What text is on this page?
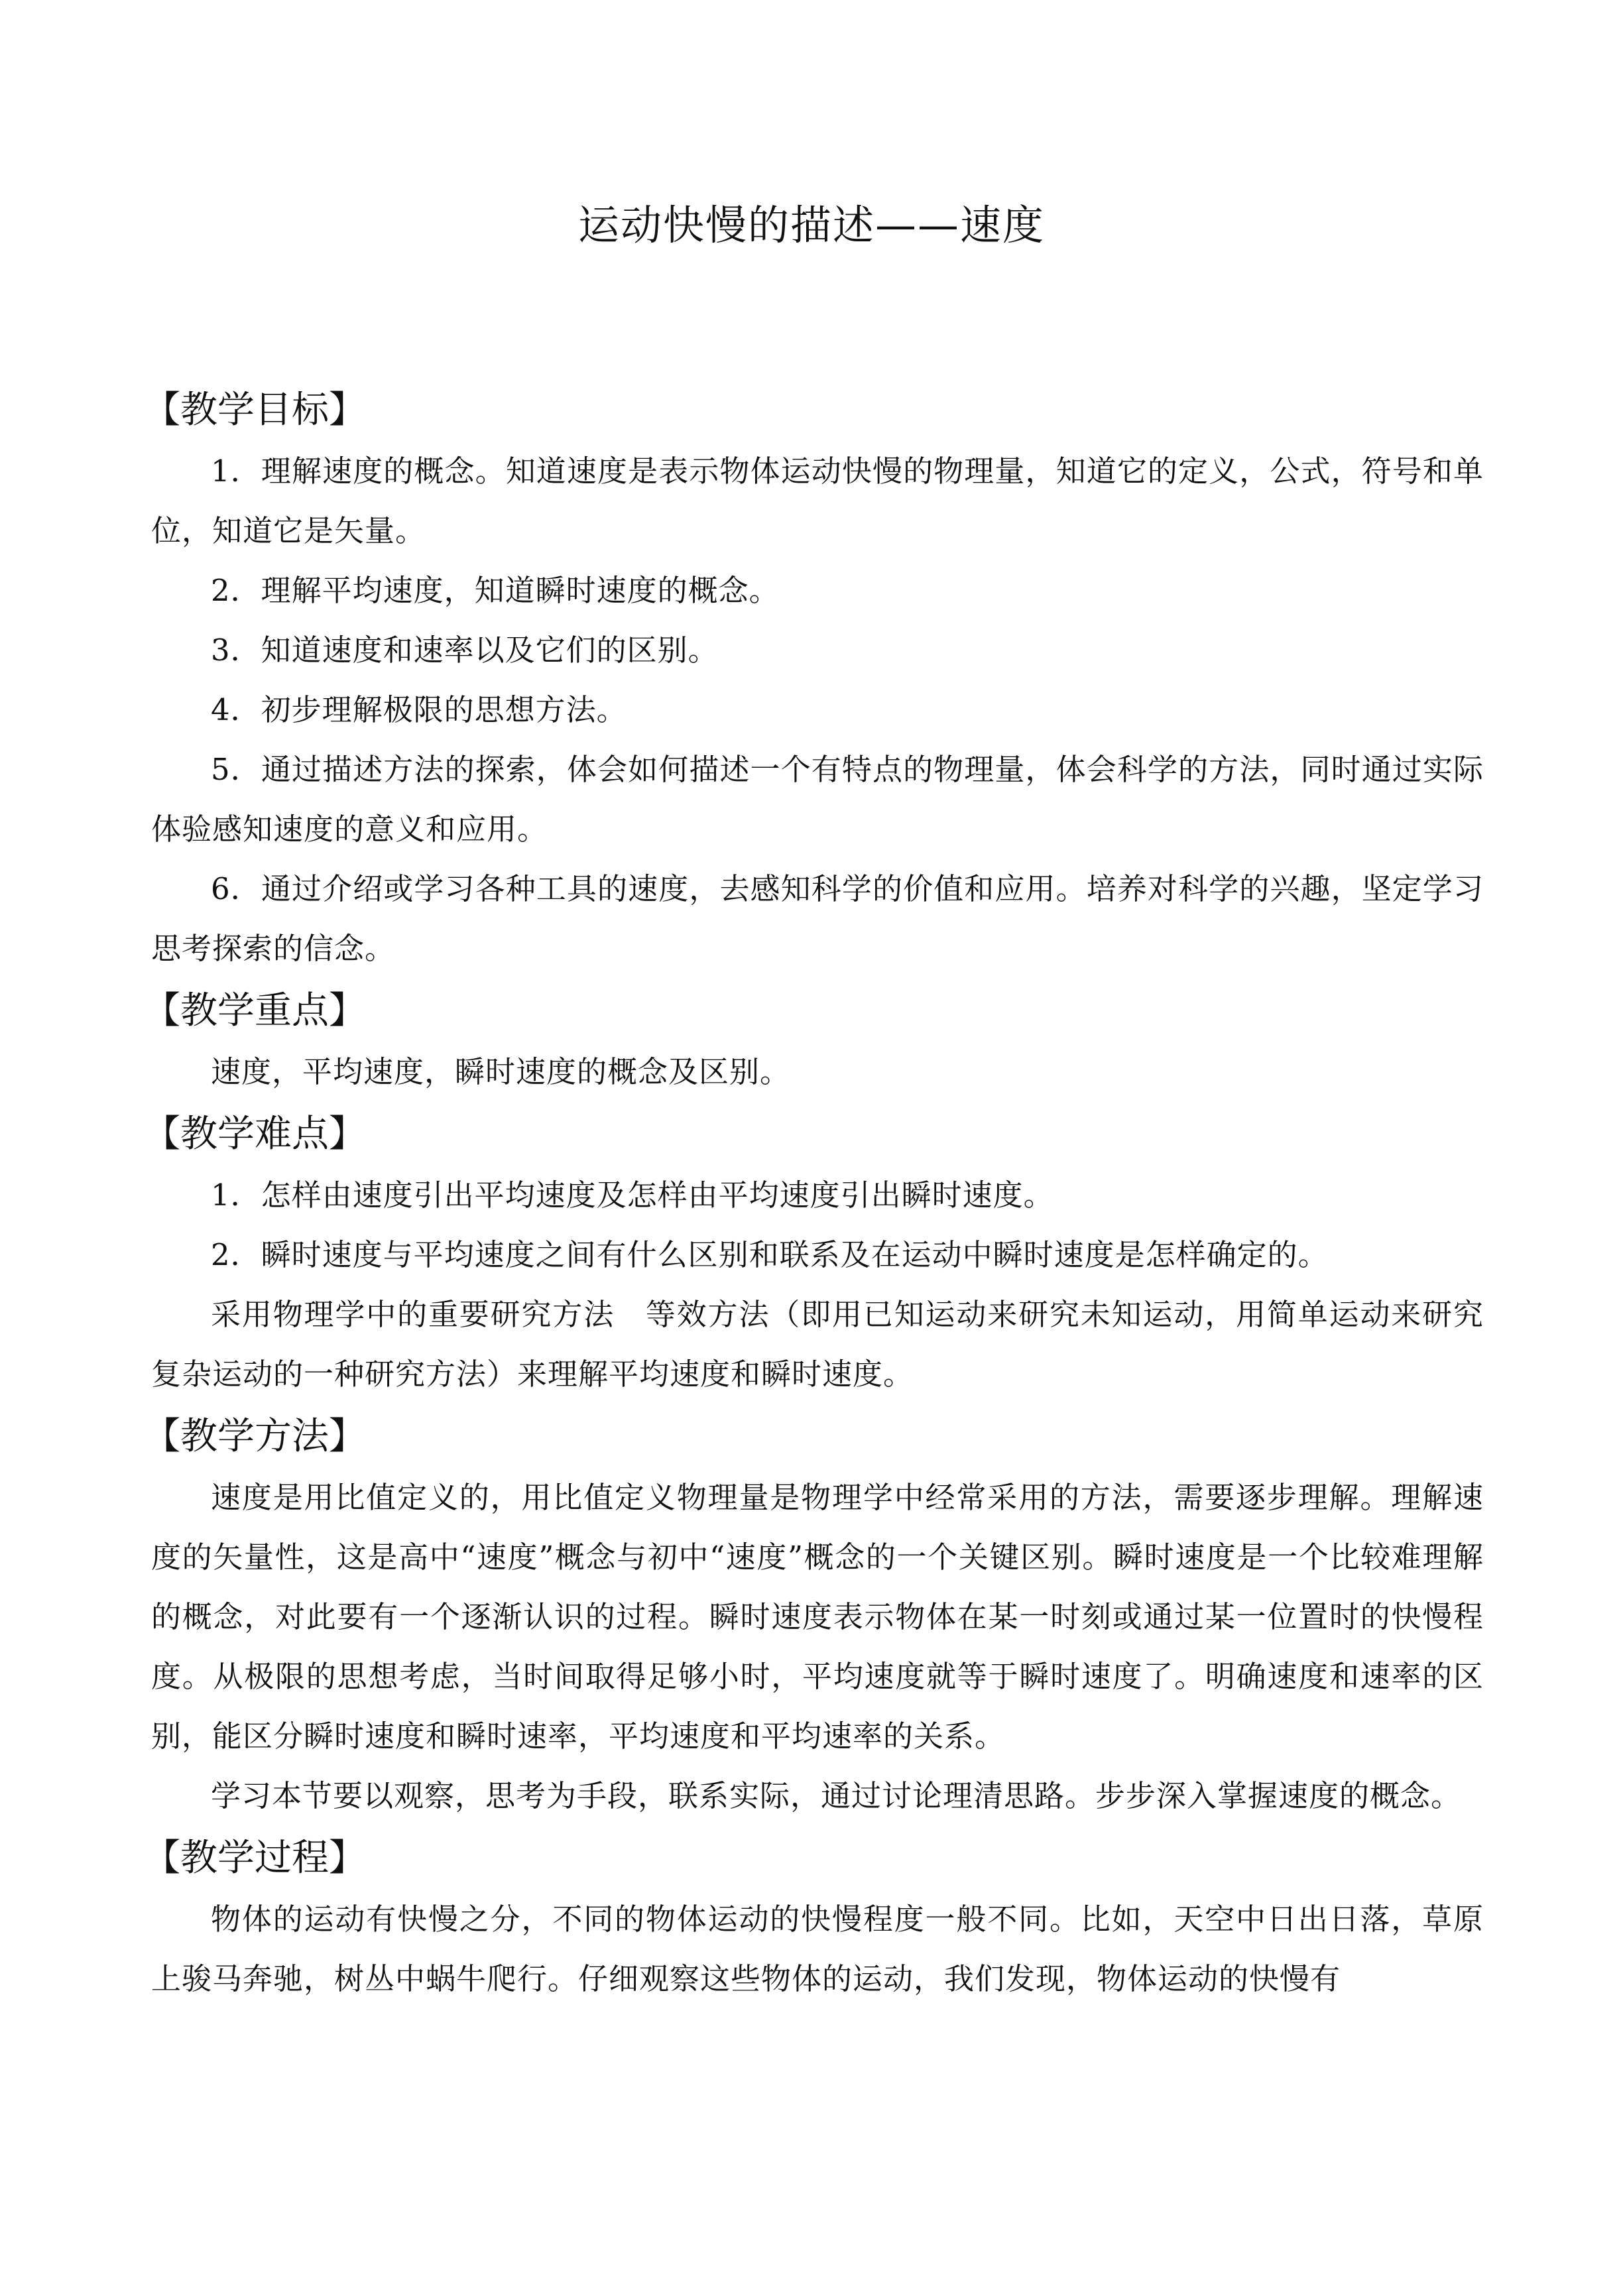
运动快慢的描述——速度
【教学目标】

1．理解速度的概念。知道速度是表示物体运动快慢的物理量，知道它的定义，公式，符号和单位，知道它是矢量。

2．理解平均速度，知道瞬时速度的概念。

3．知道速度和速率以及它们的区别。

4．初步理解极限的思想方法。

5．通过描述方法的探索，体会如何描述一个有特点的物理量，体会科学的方法，同时通过实际体验感知速度的意义和应用。

6．通过介绍或学习各种工具的速度，去感知科学的价值和应用。培养对科学的兴趣，坚定学习思考探索的信念。

【教学重点】

速度，平均速度，瞬时速度的概念及区别。

【教学难点】

1．怎样由速度引出平均速度及怎样由平均速度引出瞬时速度。

2．瞬时速度与平均速度之间有什么区别和联系及在运动中瞬时速度是怎样确定的。

采用物理学中的重要研究方法　等效方法（即用已知运动来研究未知运动，用简单运动来研究复杂运动的一种研究方法）来理解平均速度和瞬时速度。

【教学方法】

速度是用比值定义的，用比值定义物理量是物理学中经常采用的方法，需要逐步理解。理解速度的矢量性，这是高中“速度”概念与初中“速度”概念的一个关键区别。瞬时速度是一个比较难理解的概念，对此要有一个逐渐认识的过程。瞬时速度表示物体在某一时刻或通过某一位置时的快慢程度。从极限的思想考虑，当时间取得足够小时，平均速度就等于瞬时速度了。明确速度和速率的区别，能区分瞬时速度和瞬时速率，平均速度和平均速率的关系。

学习本节要以观察，思考为手段，联系实际，通过讨论理清思路。步步深入掌握速度的概念。

【教学过程】

物体的运动有快慢之分，不同的物体运动的快慢程度一般不同。比如，天空中日出日落，草原上骏马奔驰，树丛中蜗牛爬行。仔细观察这些物体的运动，我们发现，物体运动的快慢有
